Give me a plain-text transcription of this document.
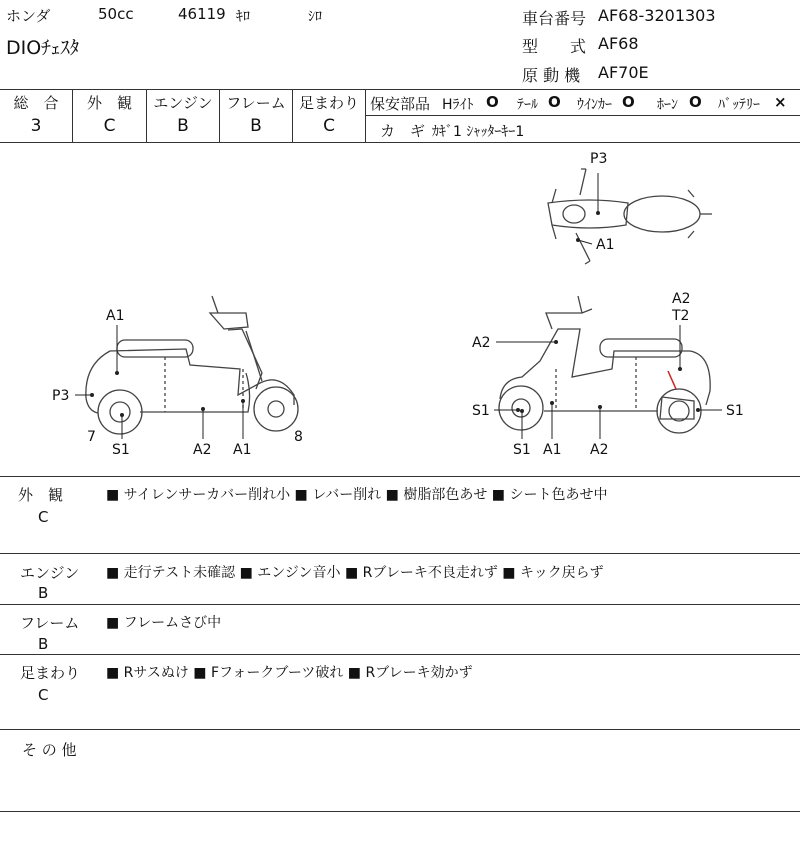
ホンダ	50cc	46119 ｷﾛ	ｼﾛ
DIOﾁｪｽﾀ
車台番号 AF68-3201303
型　　式 AF68
原 動 機 AF70E
総　合	外　観	エンジン フレーム 足まわり
3	C	B	B	C
保安部品 Hﾗｲﾄ O ﾃｰﾙ O ｳｲﾝｶｰ O ﾎｰﾝ O ﾊﾞｯﾃﾘｰ ×
カ　ギ ｶｷﾞ1 ｼｬｯﾀｰｷｰ1
P3
A1
A1
P3
7
S1	A2 A1
8
A2
T2
A2
S1	S1
S1 A1 A2
外　観
C
■ サイレンサーカバー削れ小 ■ レバー削れ ■ 樹脂部色あせ ■ シート色あせ中
エンジン
B
■ 走行テスト未確認 ■ エンジン音小 ■ Rブレーキ不良走れず ■ キック戻らず
フレーム
B
■ フレームさび中
足まわり
C
■ Rサスぬけ ■ Fフォークブーツ破れ ■ Rブレーキ効かず
そ の 他
